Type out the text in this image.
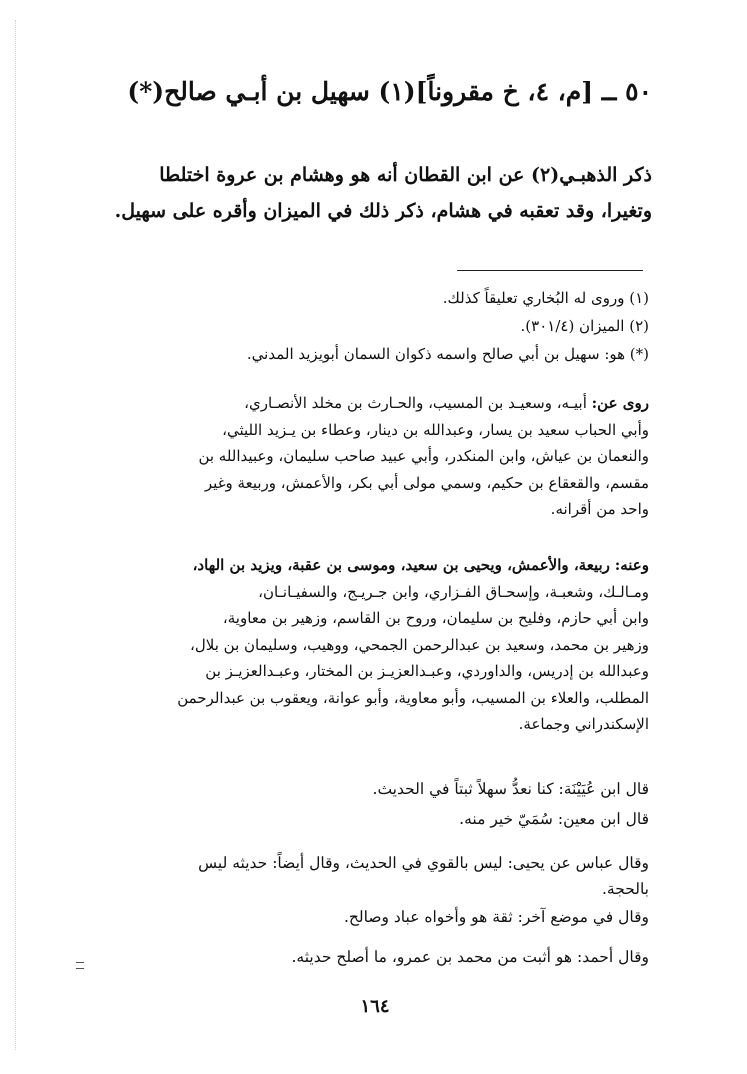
٥٠ ــ [م، ٤، خ مقروناً](١) سهيل بن أبـي صالح(*)
ذكر الذهبـي(٢) عن ابن القطان أنه هو وهشام بن عروة اختلطا
وتغيرا، وقد تعقبه في هشام، ذكر ذلك في الميزان وأقره على سهيل.
(١) وروى له البُخاري تعليقاً كذلك.
(٢) الميزان (٣٠١/٤).
(*) هو: سهيل بن أبي صالح واسمه ذكوان السمان أبويزيد المدني.
روى عن: أبيـه، وسعيـد بن المسيب، والحـارث بن مخلد الأنصـاري،
وأبي الحباب سعيد بن يسار، وعبدالله بن دينار، وعطاء بن يـزيد الليثي،
والنعمان بن عياش، وابن المنكدر، وأبي عبيد صاحب سليمان، وعبيدالله بن
مقسم، والقعقاع بن حكيم، وسمي مولى أبي بكر، والأعمش، وربيعة وغير
واحد من أقرانه.
وعنه: ربيعة، والأعمش، ويحيى بن سعيد، وموسى بن عقبة، ويزيد بن الهاد،
ومـالـك، وشعبـة، وإسحـاق الفـزاري، وابن جـريـج، والسفيـانـان،
وابن أبي حازم، وفليح بن سليمان، وروح بن القاسم، وزهير بن معاوية،
وزهير بن محمد، وسعيد بن عبدالرحمن الجمحي، ووهيب، وسليمان بن بلال،
وعبدالله بن إدريس، والداوردي، وعبـدالعزيـز بن المختار، وعبـدالعزيـز بن
المطلب، والعلاء بن المسيب، وأبو معاوية، وأبو عوانة، ويعقوب بن عبدالرحمن
الإسكندراني وجماعة.
قال ابن عُيَيْنَة: كنا نعدُّ سهلاً ثبتاً في الحديث.
قال ابن معين: سُمَيّ خير منه.
وقال عباس عن يحيى: ليس بالقوي في الحديث، وقال أيضاً: حديثه ليس
بالحجة.
وقال في موضع آخر: ثقة هو وأخواه عباد وصالح.
وقال أحمد: هو أثبت من محمد بن عمرو، ما أصلح حديثه.
١٦٤
